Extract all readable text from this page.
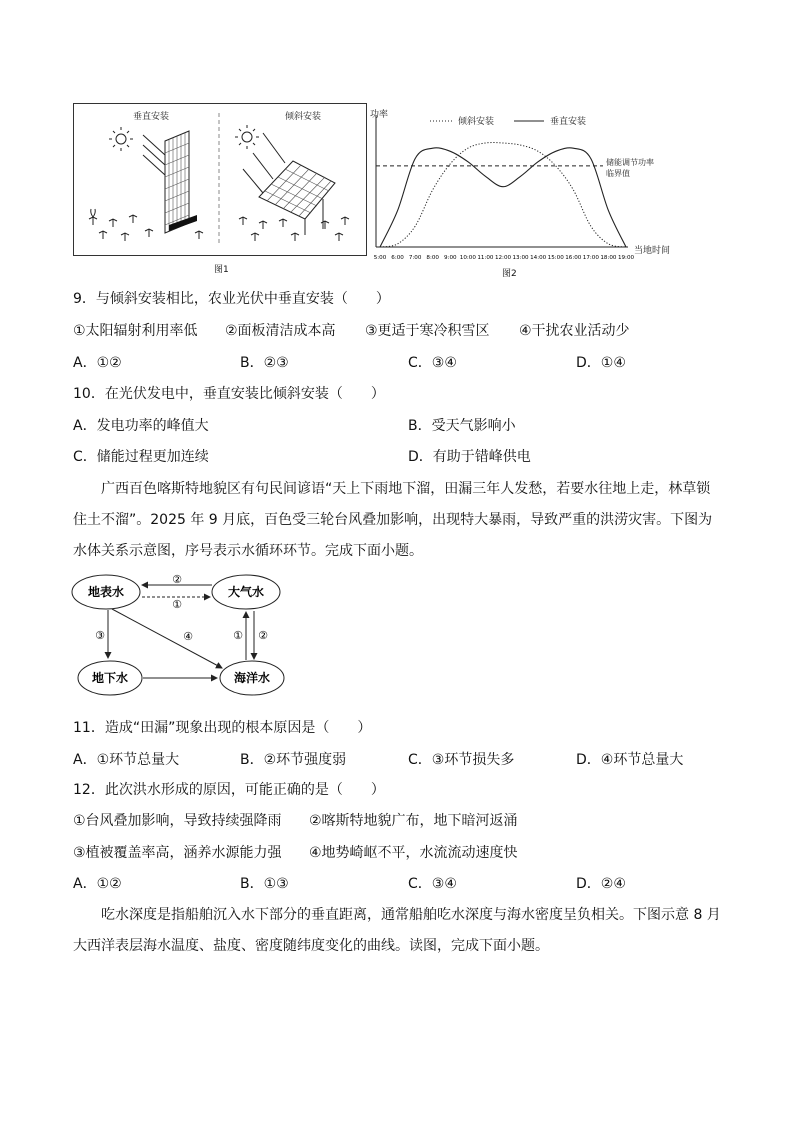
垂直安装	倾斜安装
图1
功率
倾斜安装	垂直安装
储能调节功率
临界值
5:00 6:00 7:00 8:00 9:00 10:00 11:00 12:00 13:00 14:00 15:00 16:00 17:00 18:00 19:00
当地时间
图2
9．与倾斜安装相比，农业光伏中垂直安装（　　）
①太阳辐射利用率低 ②面板清洁成本高 ③更适于寒冷积雪区 ④干扰农业活动少
A．①②	B．②③	C．③④	D．①④
10．在光伏发电中，垂直安装比倾斜安装（　　）
A．发电功率的峰值大	B．受天气影响小
C．储能过程更加连续	D．有助于错峰供电

广西百色喀斯特地貌区有句民间谚语“天上下雨地下溜，田漏三年人发愁，若要水往地上走，林草锁住土不溜”。2025 年 9 月底，百色受三轮台风叠加影响，出现特大暴雨，导致严重的洪涝灾害。下图为水体关系示意图，序号表示水循环环节。完成下面小题。

地表水	大气水
地下水	海洋水
②
①
③	④	① ②
11．造成“田漏”现象出现的根本原因是（　　）
A．①环节总量大	B．②环节强度弱	C．③环节损失多	D．④环节总量大
12．此次洪水形成的原因，可能正确的是（　　）
①台风叠加影响，导致持续强降雨 ②喀斯特地貌广布，地下暗河返涌
③植被覆盖率高，涵养水源能力强 ④地势崎岖不平，水流流动速度快
A．①②	B．①③	C．③④	D．②④

吃水深度是指船舶沉入水下部分的垂直距离，通常船舶吃水深度与海水密度呈负相关。下图示意 8 月大西洋表层海水温度、盐度、密度随纬度变化的曲线。读图，完成下面小题。
